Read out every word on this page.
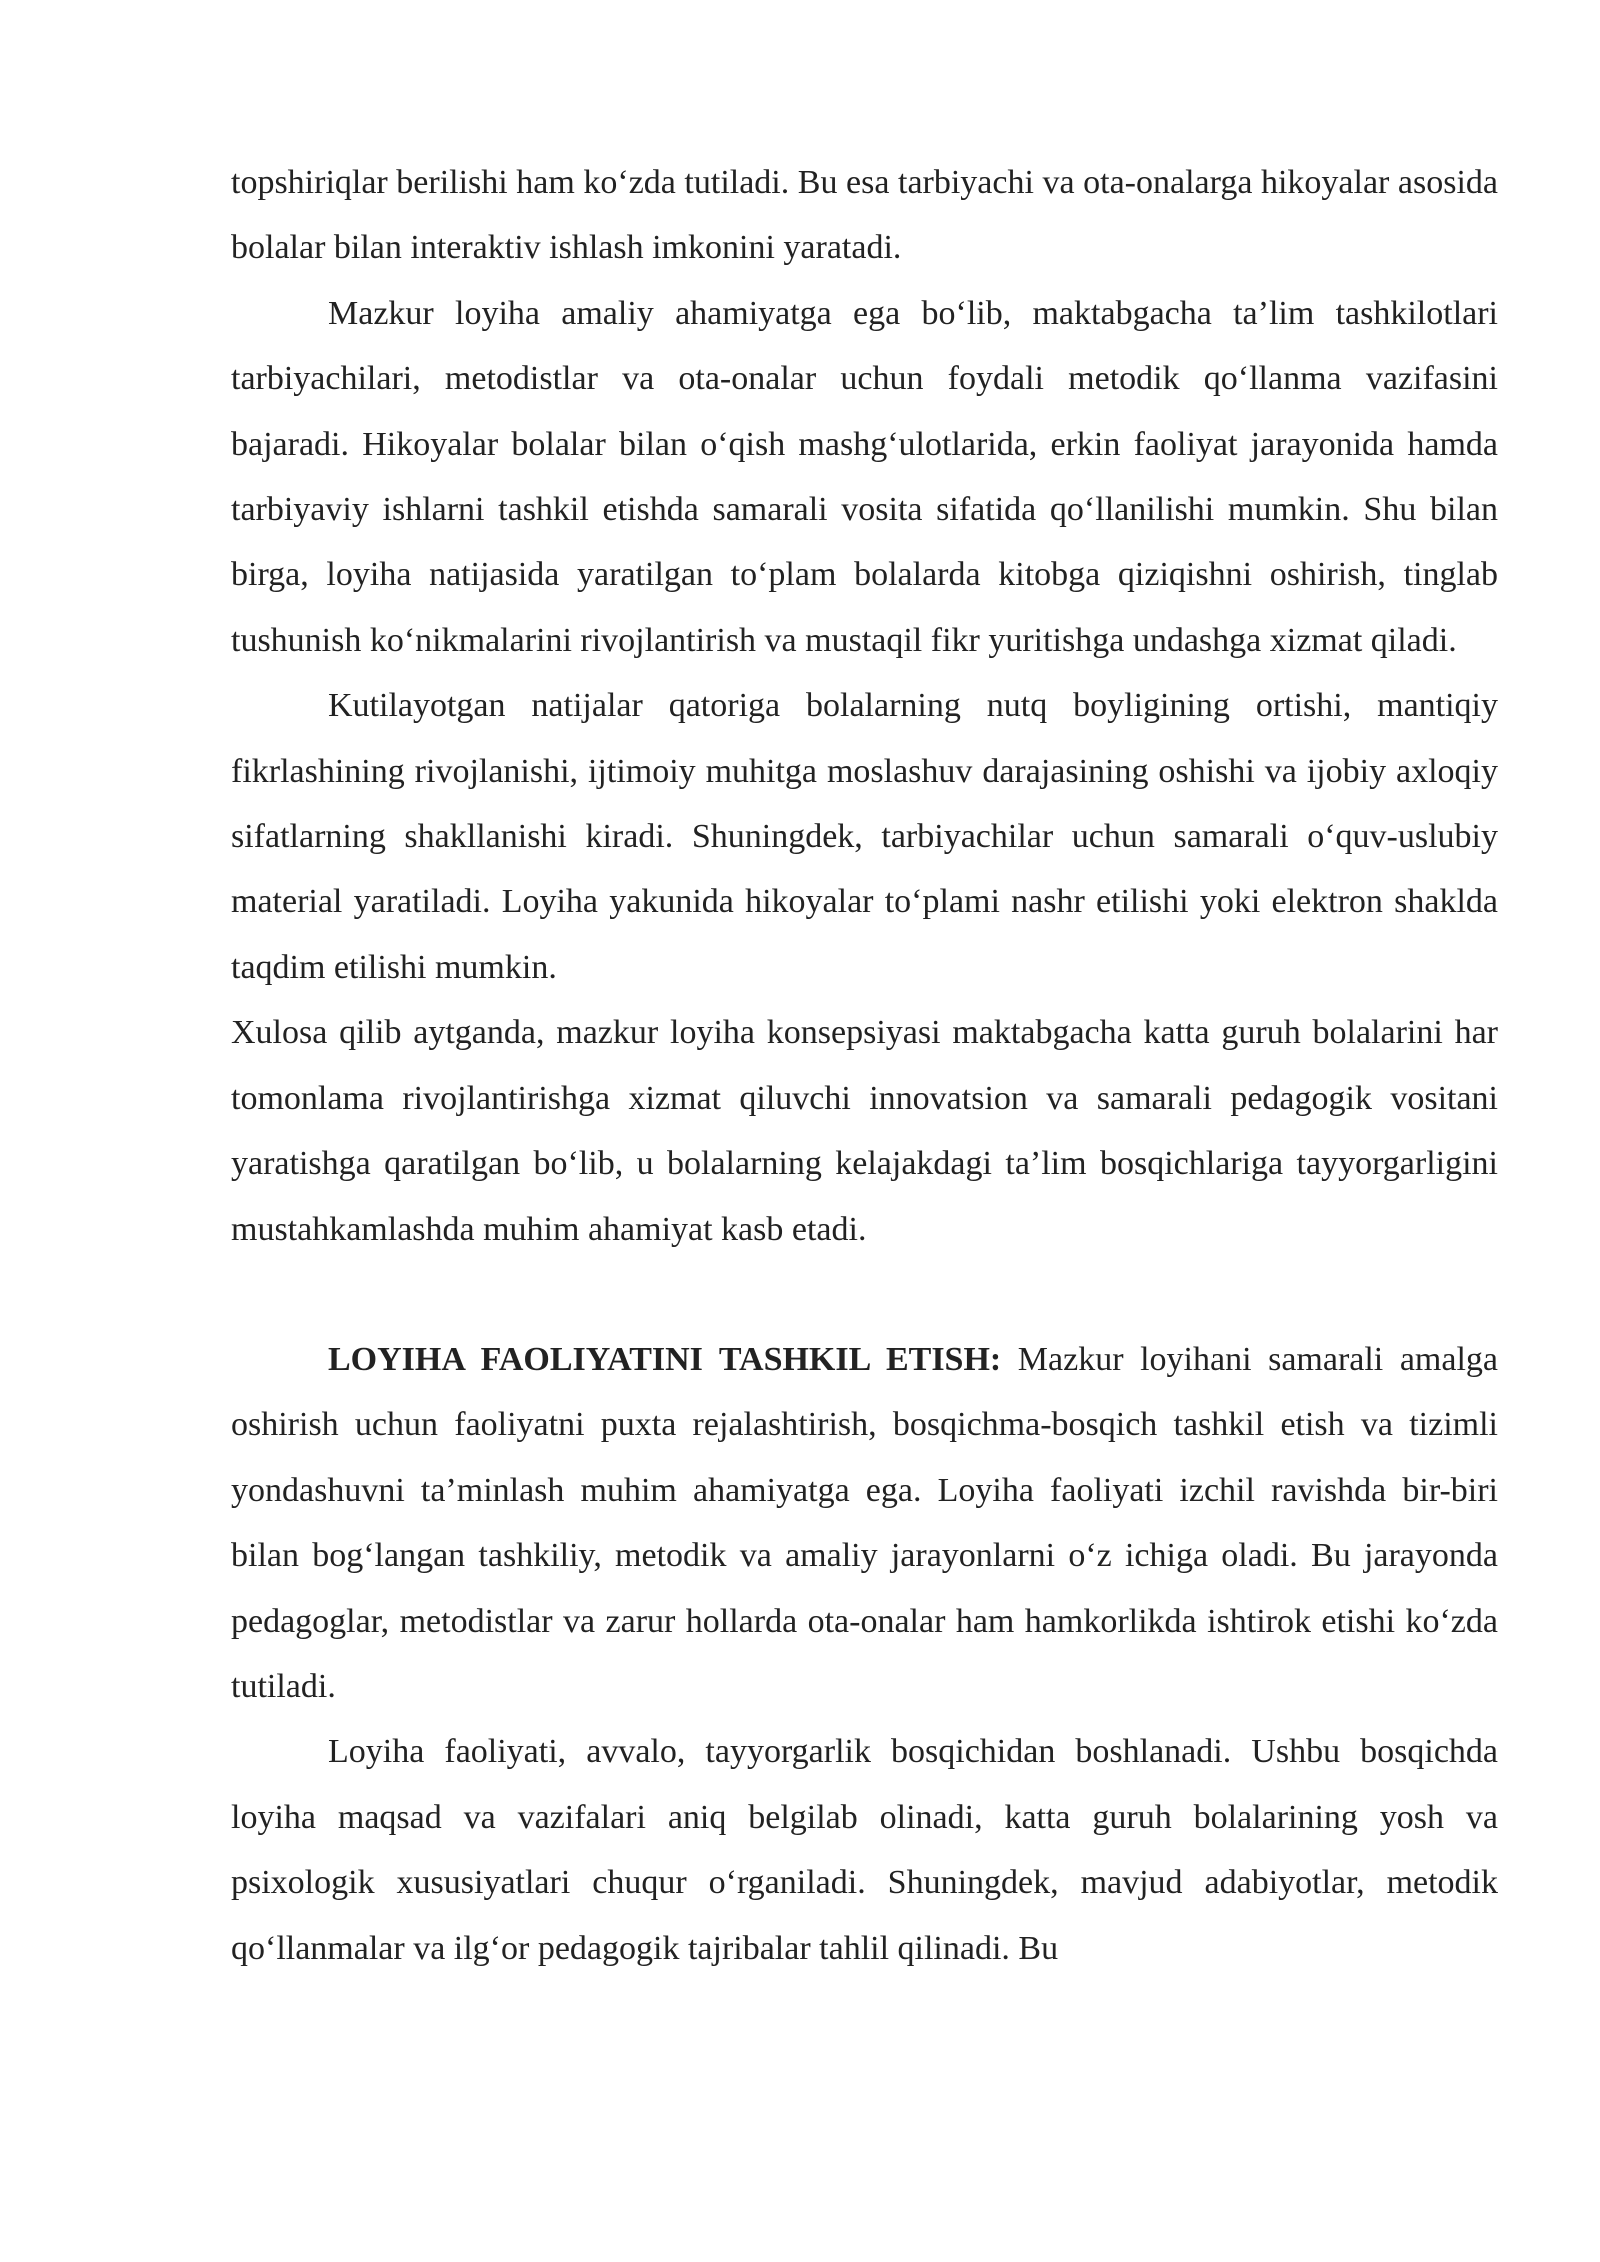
topshiriqlar berilishi ham ko‘zda tutiladi. Bu esa tarbiyachi va ota-onalarga hikoyalar asosida bolalar bilan interaktiv ishlash imkonini yaratadi.

Mazkur loyiha amaliy ahamiyatga ega bo‘lib, maktabgacha ta’lim tashkilotlari tarbiyachilari, metodistlar va ota-onalar uchun foydali metodik qo‘llanma vazifasini bajaradi. Hikoyalar bolalar bilan o‘qish mashg‘ulotlarida, erkin faoliyat jarayonida hamda tarbiyaviy ishlarni tashkil etishda samarali vosita sifatida qo‘llanilishi mumkin. Shu bilan birga, loyiha natijasida yaratilgan to‘plam bolalarda kitobga qiziqishni oshirish, tinglab tushunish ko‘nikmalarini rivojlantirish va mustaqil fikr yuritishga undashga xizmat qiladi.

Kutilayotgan natijalar qatoriga bolalarning nutq boyligining ortishi, mantiqiy fikrlashining rivojlanishi, ijtimoiy muhitga moslashuv darajasining oshishi va ijobiy axloqiy sifatlarning shakllanishi kiradi. Shuningdek, tarbiyachilar uchun samarali o‘quv-uslubiy material yaratiladi. Loyiha yakunida hikoyalar to‘plami nashr etilishi yoki elektron shaklda taqdim etilishi mumkin.

Xulosa qilib aytganda, mazkur loyiha konsepsiyasi maktabgacha katta guruh bolalarini har tomonlama rivojlantirishga xizmat qiluvchi innovatsion va samarali pedagogik vositani yaratishga qaratilgan bo‘lib, u bolalarning kelajakdagi ta’lim bosqichlariga tayyorgarligini mustahkamlashda muhim ahamiyat kasb etadi.

LOYIHA FAOLIYATINI TASHKIL ETISH: Mazkur loyihani samarali amalga oshirish uchun faoliyatni puxta rejalashtirish, bosqichma-bosqich tashkil etish va tizimli yondashuvni ta’minlash muhim ahamiyatga ega. Loyiha faoliyati izchil ravishda bir-biri bilan bog‘langan tashkiliy, metodik va amaliy jarayonlarni o‘z ichiga oladi. Bu jarayonda pedagoglar, metodistlar va zarur hollarda ota-onalar ham hamkorlikda ishtirok etishi ko‘zda tutiladi.

Loyiha faoliyati, avvalo, tayyorgarlik bosqichidan boshlanadi. Ushbu bosqichda loyiha maqsad va vazifalari aniq belgilab olinadi, katta guruh bolalarining yosh va psixologik xususiyatlari chuqur o‘rganiladi. Shuningdek, mavjud adabiyotlar, metodik qo‘llanmalar va ilg‘or pedagogik tajribalar tahlil qilinadi. Bu
